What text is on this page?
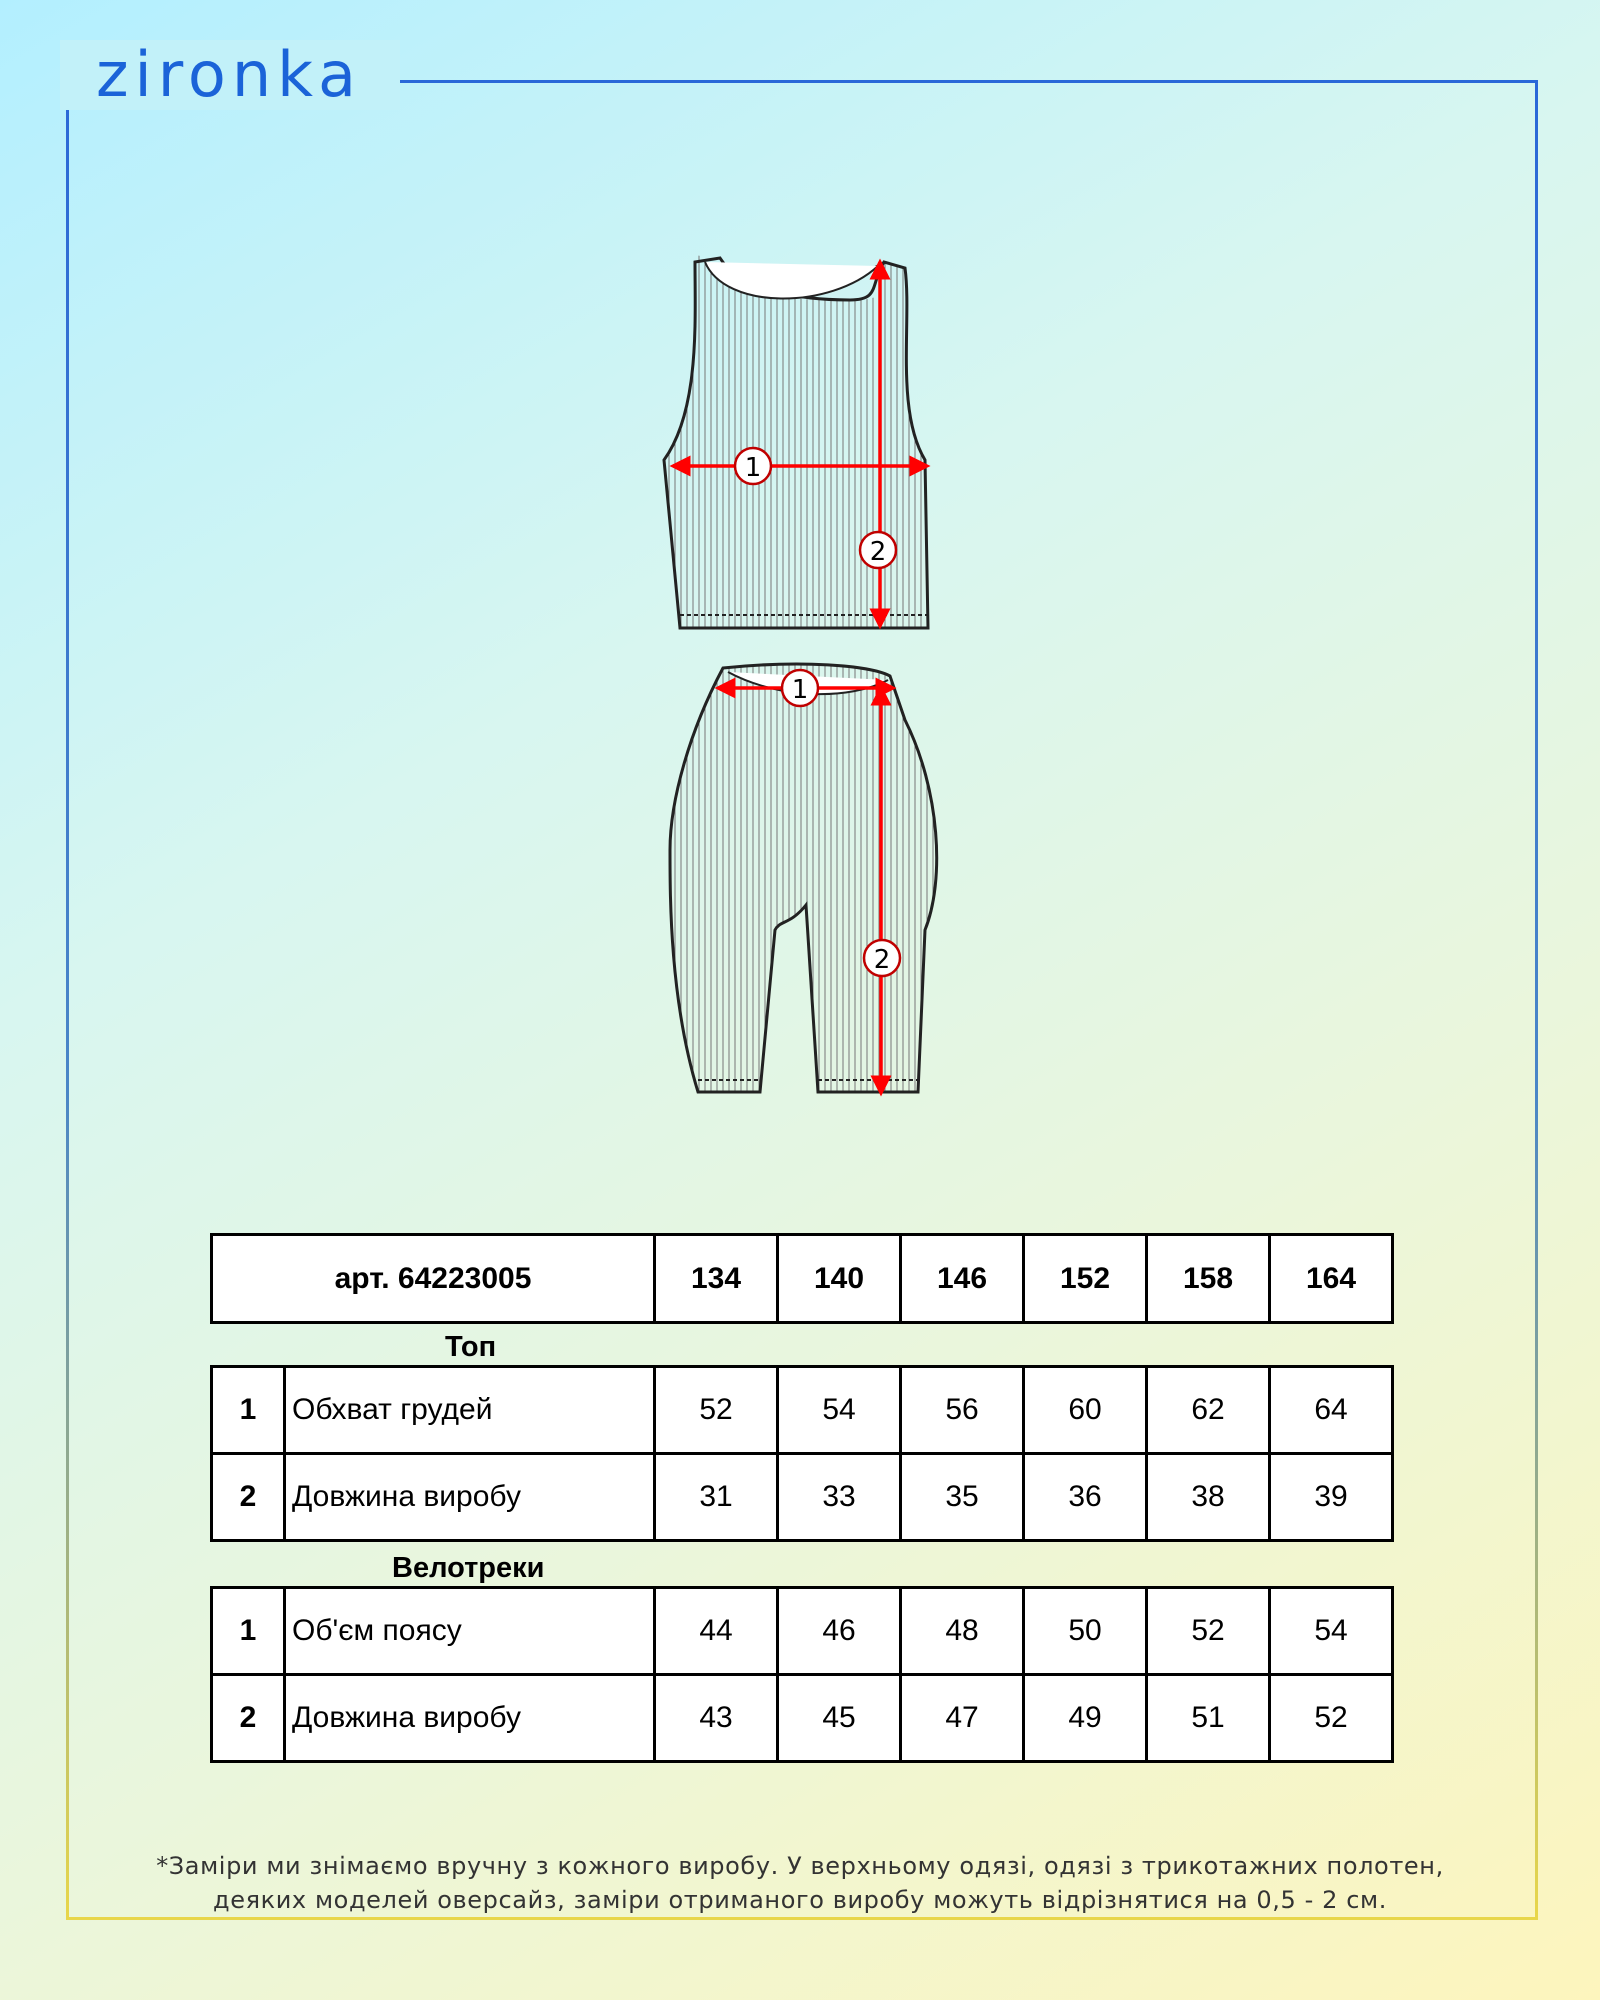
zironka
1
2
1
2
арт. 64223005	134	140	146	152	158	164
Топ
1	Обхват грудей	52	54	56	60	62	64
2	Довжина виробу	31	33	35	36	38	39
Велотреки
1	Об'єм поясу	44	46	48	50	52	54
2	Довжина виробу	43	45	47	49	51	52
*Заміри ми знімаємо вручну з кожного виробу. У верхньому одязі, одязі з трикотажних полотен,
деяких моделей оверсайз, заміри отриманого виробу можуть відрізнятися на 0,5 - 2 см.
